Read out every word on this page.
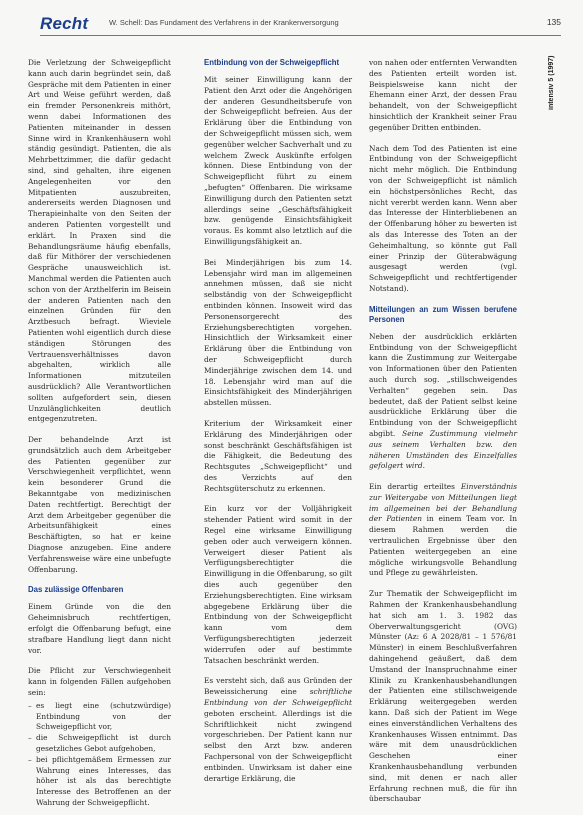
Recht	W. Schell: Das Fundament des Verfahrens in der Krankenversorgung	135
intensiv 5 (1997)

Die Verletzung der Schweigepflicht kann auch darin begründet sein, daß Gespräche mit dem Patienten in einer Art und Weise geführt werden, daß ein fremder Personenkreis mithört, wenn dabei Informationen des Patienten miteinander in dessen Sinne wird in Krankenhäusern wohl ständig gesündigt. Patienten, die als Mehrbettzimmer, die dafür gedacht sind, sind gehalten, ihre eigenen Angelegenheiten vor den Mitpatienten auszubreiten, andererseits werden Diagnosen und Therapieinhalte von den Seiten der anderen Patienten vorgestellt und erklärt. In Praxen sind die Behandlungsräume häufig ebenfalls, daß für Mithörer der verschiedenen Gespräche unausweichlich ist. Manchmal werden die Patienten auch schon von der Arzthelferin im Beisein der anderen Patienten nach den einzelnen Gründen für den Arztbesuch befragt. Wieviele Patienten wohl eigentlich durch diese ständigen Störungen des Vertrauensverhältnisses davon abgehalten, wirklich alle Informationen mitzuteilen ausdrücklich? Alle Verantwortlichen sollten aufgefordert sein, diesen Unzulänglichkeiten deutlich entgegenzutreten.

Der behandelnde Arzt ist grundsätzlich auch dem Arbeitgeber des Patienten gegenüber zur Verschwiegenheit verpflichtet, wenn kein besonderer Grund die Bekanntgabe von medizinischen Daten rechtfertigt. Berechtigt der Arzt dem Arbeitgeber gegenüber die Arbeitsunfähigkeit eines Beschäftigten, so hat er keine Diagnose anzugeben. Eine andere Verfahrensweise wäre eine unbefugte Offenbarung.

Das zulässige Offenbaren

Einem Gründe von die den Geheimnisbruch rechtfertigen, erfolgt die Offenbarung befugt, eine strafbare Handlung liegt dann nicht vor.

Die Pflicht zur Verschwiegenheit kann in folgenden Fällen aufgehoben sein:

– es liegt eine (schutzwürdige) Entbindung von der Schweigepflicht vor,
– die Schweigepflicht ist durch gesetzliches Gebot aufgehoben,
– bei pflichtgemäßem Ermessen zur Wahrung eines Interesses, das höher ist als das berechtigte Interesse des Betroffenen an der Wahrung der Schweigepflicht.
Entbindung von der Schweigepflicht

Mit seiner Einwilligung kann der Patient den Arzt oder die Angehörigen der anderen Gesundheitsberufe von der Schweigepflicht befreien. Aus der Erklärung über die Entbindung von der Schweigepflicht müssen sich, wem gegenüber welcher Sachverhalt und zu welchem Zweck Auskünfte erfolgen können. Diese Entbindung von der Schweigepflicht führt zu einem „befugten“ Offenbaren. Die wirksame Einwilligung durch den Patienten setzt allerdings seine „Geschäftsfähigkeit bzw. genügende Einsichtsfähigkeit voraus. Es kommt also letztlich auf die Einwilligungsfähigkeit an.

Bei Minderjährigen bis zum 14. Lebensjahr wird man im allgemeinen annehmen müssen, daß sie nicht selbständig von der Schweigepflicht entbinden können. Insoweit wird das Personensorgerecht des Erziehungsberechtigten vorgehen. Hinsichtlich der Wirksamkeit einer Erklärung über die Entbindung von der Schweigepflicht durch Minderjährige zwischen dem 14. und 18. Lebensjahr wird man auf die Einsichtsfähigkeit des Minderjährigen abstellen müssen.

Kriterium der Wirksamkeit einer Erklärung des Minderjährigen oder sonst beschränkt Geschäftsfähigen ist die Fähigkeit, die Bedeutung des Rechtsgutes „Schweigepflicht“ und des Verzichts auf den Rechtsgüterschutz zu erkennen.

Ein kurz vor der Volljährigkeit stehender Patient wird somit in der Regel eine wirksame Einwilligung geben oder auch verweigern können. Verweigert dieser Patient als Verfügungsberechtigter die Einwilligung in die Offenbarung, so gilt dies auch gegenüber den Erziehungsberechtigten. Eine wirksam abgegebene Erklärung über die Entbindung von der Schweigepflicht kann vom dem Verfügungsberechtigten jederzeit widerrufen oder auf bestimmte Tatsachen beschränkt werden.

Es versteht sich, daß aus Gründen der Beweissicherung eine schriftliche Entbindung von der Schweigepflicht geboten erscheint. Allerdings ist die Schriftlichkeit nicht zwingend vorgeschrieben. Der Patient kann nur selbst den Arzt bzw. anderen Fachpersonal von der Schweigepflicht entbinden. Unwirksam ist daher eine derartige Erklärung, die

von nahen oder entfernten Verwandten des Patienten erteilt worden ist. Beispielsweise kann nicht der Ehemann einer Arzt, der dessen Frau behandelt, von der Schweigepflicht hinsichtlich der Krankheit seiner Frau gegenüber Dritten entbinden.

Nach dem Tod des Patienten ist eine Entbindung von der Schweigepflicht nicht mehr möglich. Die Entbindung von der Schweigepflicht ist nämlich ein höchstpersönliches Recht, das nicht vererbt werden kann. Wenn aber das Interesse der Hinterbliebenen an der Offenbarung höher zu bewerten ist als das Interesse des Toten an der Geheimhaltung, so könnte gut Fall einer Prinzip der Güterabwägung ausgesagt werden (vgl. Schweigepflicht und rechtfertigender Notstand).

Mitteilungen an zum Wissen berufene Personen

Neben der ausdrücklich erklärten Entbindung von der Schweigepflicht kann die Zustimmung zur Weitergabe von Informationen über den Patienten auch durch sog. „stillschweigendes Verhalten“ gegeben sein. Das bedeutet, daß der Patient selbst keine ausdrückliche Erklärung über die Entbindung von der Schweigepflicht abgibt. Seine Zustimmung vielmehr aus seinem Verhalten bzw. den näheren Umständen des Einzelfalles gefolgert wird.

Ein derartig erteiltes Einverständnis zur Weitergabe von Mitteilungen liegt im allgemeinen bei der Behandlung der Patienten in einem Team vor. In diesem Rahmen werden die vertraulichen Ergebnisse über den Patienten weitergegeben an eine mögliche wirkungsvolle Behandlung und Pflege zu gewährleisten.

Zur Thematik der Schweigepflicht im Rahmen der Krankenhausbehandlung hat sich am 1. 3. 1982 das Oberverwaltungsgericht (OVG) Münster (Az: 6 A 2028/81 – 1 576/81 Münster) in einem Beschlußverfahren dahingehend geäußert, daß dem Umstand der Inanspruchnahme einer Klinik zu Krankenhausbehandlungen der Patienten eine stillschweigende Erklärung weitergegeben werden kann. Daß sich der Patient im Wege eines einverständlichen Verhaltens des Krankenhauses Wissen entnimmt. Das wäre mit dem unausdrücklichen Geschehen einer Krankenhausbehandlung verbunden sind, mit denen er nach aller Erfahrung rechnen muß, die für ihn überschaubar
